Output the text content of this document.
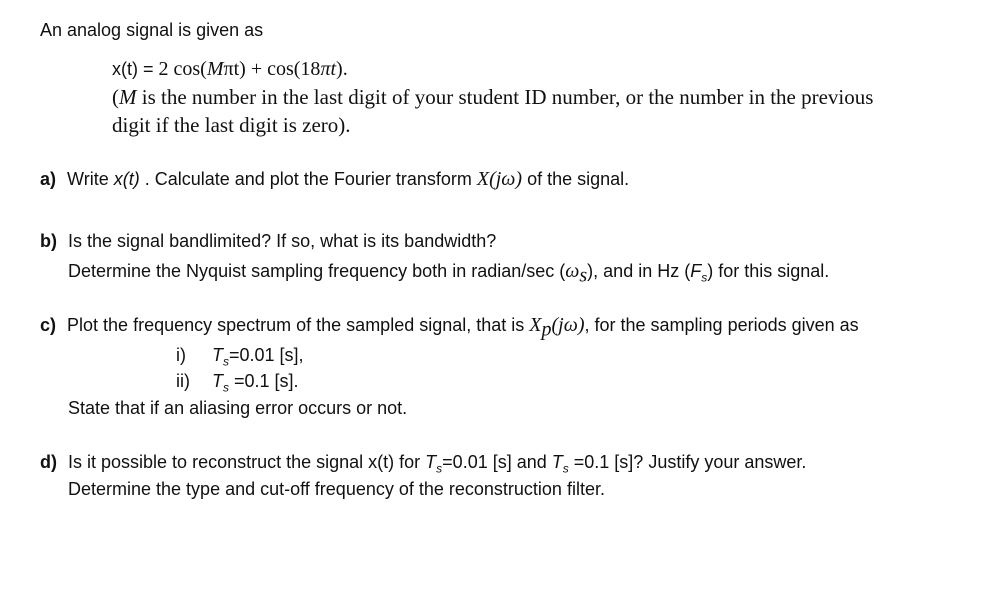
An analog signal is given as
x(t) = 2 cos(Mπt) + cos(18πt).
(M is the number in the last digit of your student ID number, or the number in the previous
digit if the last digit is zero).
a) Write x(t) . Calculate and plot the Fourier transform X(jω) of the signal.
b) Is the signal bandlimited? If so, what is its bandwidth?
Determine the Nyquist sampling frequency both in radian/sec $(\omega_s)$, and in Hz $(F_s)$ for this signal.
c) Plot the frequency spectrum of the sampled signal, that is $X_p(j\omega)$, for the sampling periods given as
i) $T_s=0.01$ [s],
ii) $T_s =0.1$ [s].
State that if an aliasing error occurs or not.
d) Is it possible to reconstruct the signal x(t) for $T_s=0.01$ [s] and $T_s =0.1$ [s]? Justify your answer.
Determine the type and cut-off frequency of the reconstruction filter.
